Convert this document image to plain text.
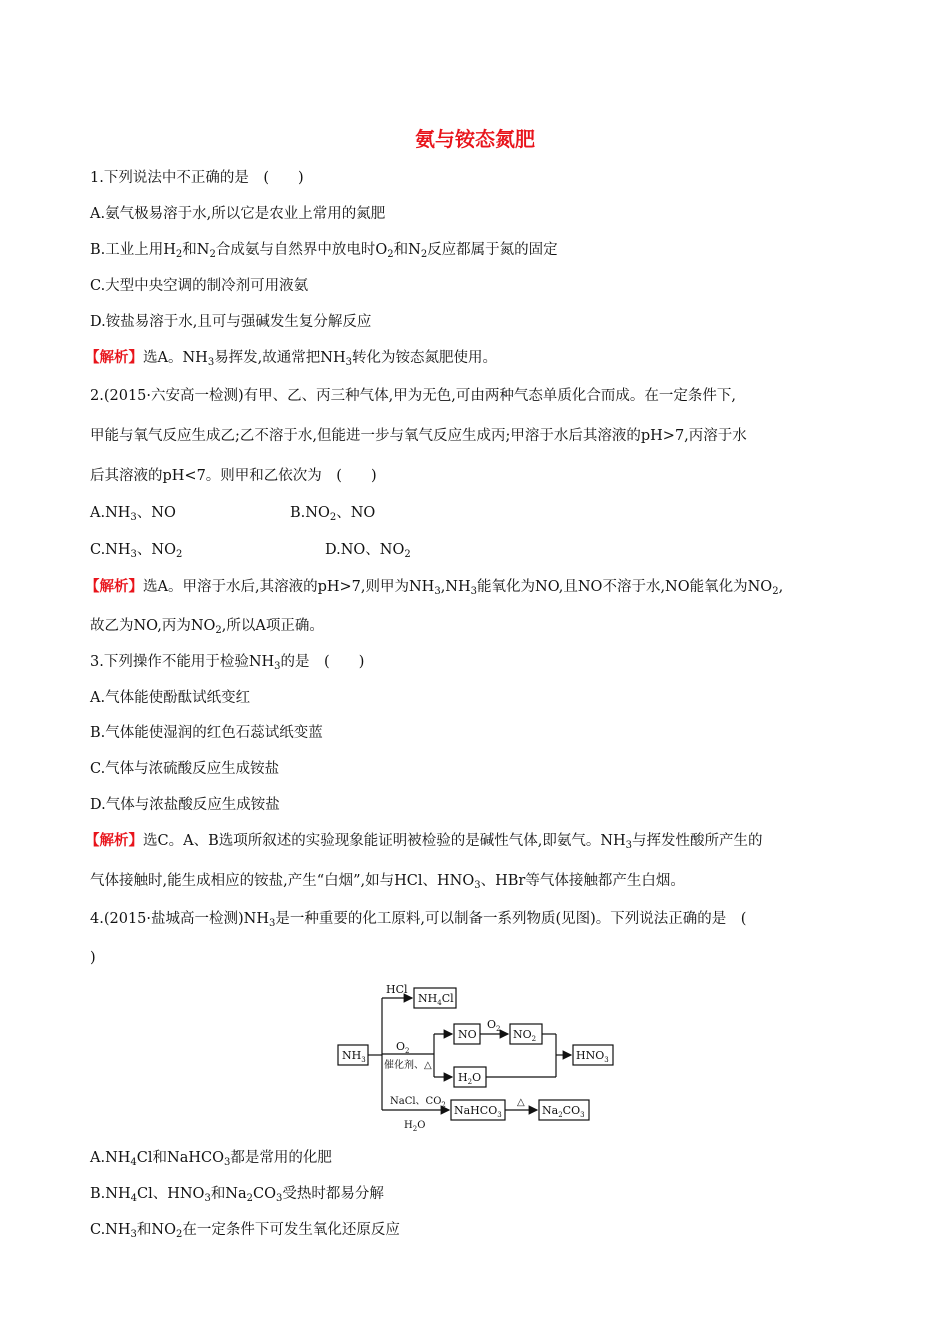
氨与铵态氮肥
1.下列说法中不正确的是　(　　)
A.氨气极易溶于水,所以它是农业上常用的氮肥
B.工业上用$H_2$和$N_2$合成氨与自然界中放电时$O_2$和$N_2$反应都属于氮的固定
C.大型中央空调的制冷剂可用液氨
D.铵盐易溶于水,且可与强碱发生复分解反应
【解析】选A。$NH_3$易挥发,故通常把$NH_3$转化为铵态氮肥使用。
2.(2015·六安高一检测)有甲、乙、丙三种气体,甲为无色,可由两种气态单质化合而成。在一定条件下,
甲能与氧气反应生成乙;乙不溶于水,但能进一步与氧气反应生成丙;甲溶于水后其溶液的pH>7,丙溶于水
后其溶液的pH<7。则甲和乙依次为　(　　)
$A.NH_3$、NO	$B.NO_2$、NO
$C.NH_3$、$NO_2$	D.NO、$NO_2$
【解析】选A。甲溶于水后,其溶液的pH>7,则甲为$NH_3,NH_3$能氧化为NO,且NO不溶于水,NO能氧化为$NO_2$,
故乙为NO,丙为$NO_2$,所以A项正确。
3.下列操作不能用于检验$NH_3$的是　(　　)
A.气体能使酚酞试纸变红
B.气体能使湿润的红色石蕊试纸变蓝
C.气体与浓硫酸反应生成铵盐
D.气体与浓盐酸反应生成铵盐
【解析】选C。A、B选项所叙述的实验现象能证明被检验的是碱性气体,即氨气。$NH_3$与挥发性酸所产生的
气体接触时,能生成相应的铵盐,产生“白烟”,如与HCl、$HNO_3$、HBr等气体接触都产生白烟。
4.(2015·盐城高一检测)$NH_3$是一种重要的化工原料,可以制备一系列物质(见图)。下列说法正确的是　(
)
$NH_3$
HCl
$NH_4Cl$
$O_2$
催化剂、△
NO
$O_2$ $NO_2$
$H_2O$
$HNO_3$
NaCl、$CO_2$
$H_2O$
NaHCO$_3$
△
$Na_2CO_3$
$A.NH_4Cl$和NaHCO$_3$都是常用的化肥
$B.NH_4Cl$、$HNO_3$和$Na_2CO_3$受热时都易分解
$C.NH_3$和$NO_2$在一定条件下可发生氧化还原反应
